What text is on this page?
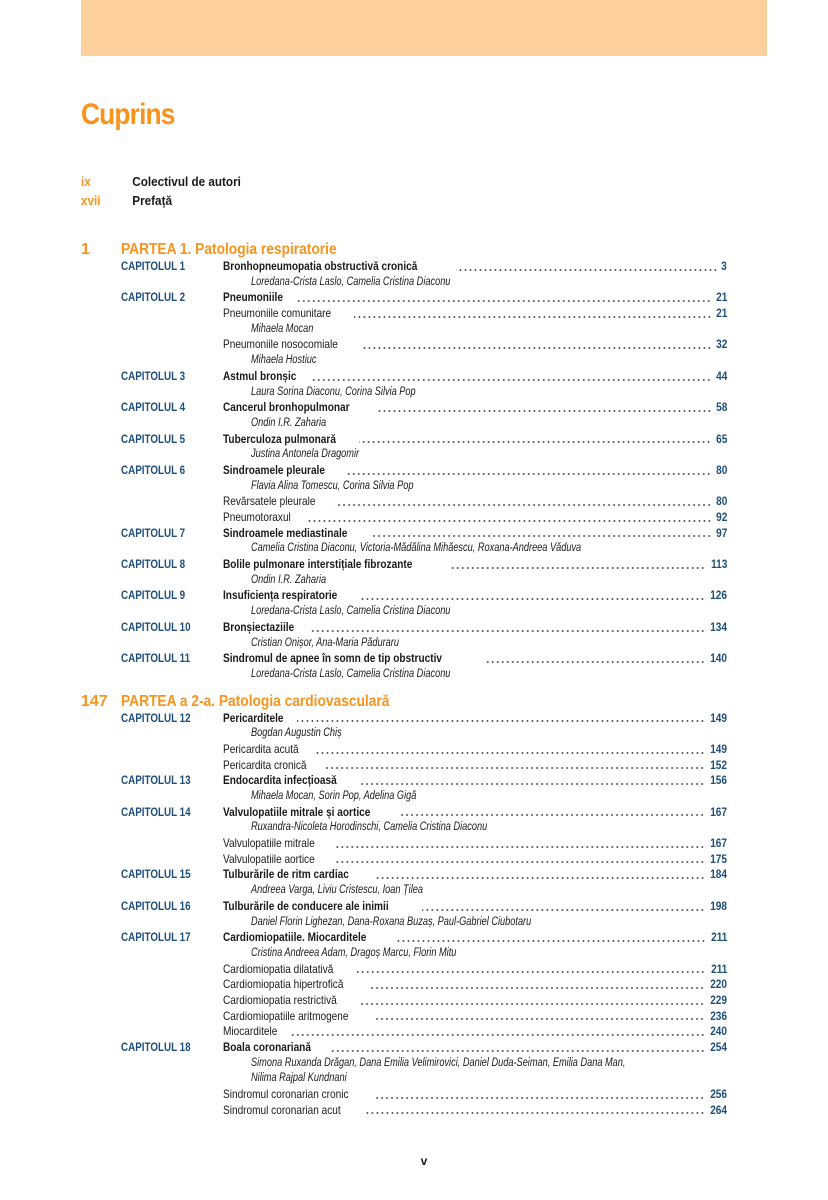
Cuprins
ix	Colectivul de autori
xvii	Prefață
1	PARTEA 1. Patologia respiratorie
CAPITOLUL 1	Bronhopneumopatia obstructivă cronică	3
Loredana-Crista Laslo, Camelia Cristina Diaconu
CAPITOLUL 2	Pneumoniile	21
Pneumoniile comunitare	21
Mihaela Mocan
Pneumoniile nosocomiale	32
Mihaela Hostiuc
CAPITOLUL 3	Astmul bronșic	44
Laura Sorina Diaconu, Corina Silvia Pop
CAPITOLUL 4	Cancerul bronhopulmonar	58
Ondin I.R. Zaharia
CAPITOLUL 5	Tuberculoza pulmonară	65
Justina Antonela Dragomir
CAPITOLUL 6	Sindroamele pleurale	80
Flavia Alina Tomescu, Corina Silvia Pop
Revărsatele pleurale	80
Pneumotoraxul	92
CAPITOLUL 7	Sindroamele mediastinale	97
Camelia Cristina Diaconu, Victoria-Mădălina Mihăescu, Roxana-Andreea Văduva
CAPITOLUL 8	Bolile pulmonare interstițiale fibrozante	113
Ondin I.R. Zaharia
CAPITOLUL 9	Insuficiența respiratorie	126
Loredana-Crista Laslo, Camelia Cristina Diaconu
CAPITOLUL 10	Bronșiectaziile	134
Cristian Onișor, Ana-Maria Păduraru
CAPITOLUL 11	Sindromul de apnee în somn de tip obstructiv	140
Loredana-Crista Laslo, Camelia Cristina Diaconu
147 PARTEA a 2-a. Patologia cardiovasculară
CAPITOLUL 12	Pericarditele	149
Bogdan Augustin Chiș
Pericardita acută	149
Pericardita cronică	152
CAPITOLUL 13	Endocardita infecțioasă	156
Mihaela Mocan, Sorin Pop, Adelina Gigă
CAPITOLUL 14	Valvulopatiile mitrale și aortice	167
Ruxandra-Nicoleta Horodinschi, Camelia Cristina Diaconu
Valvulopatiile mitrale	167
Valvulopatiile aortice	175
CAPITOLUL 15	Tulburările de ritm cardiac	184
Andreea Varga, Liviu Cristescu, Ioan Țilea
CAPITOLUL 16	Tulburările de conducere ale inimii	198
Daniel Florin Lighezan, Dana-Roxana Buzaș, Paul-Gabriel Ciubotaru
CAPITOLUL 17	Cardiomiopatiile. Miocarditele	211
Cristina Andreea Adam, Dragoș Marcu, Florin Mitu
Cardiomiopatia dilatativă	211
Cardiomiopatia hipertrofică	220
Cardiomiopatia restrictivă	229
Cardiomiopatiile aritmogene	236
Miocarditele	240
CAPITOLUL 18	Boala coronariană	254
Simona Ruxanda Drăgan, Dana Emilia Velimirovici, Daniel Duda-Seiman, Emilia Dana Man,
Nilima Rajpal Kundnani
Sindromul coronarian cronic	256
Sindromul coronarian acut	264
v
